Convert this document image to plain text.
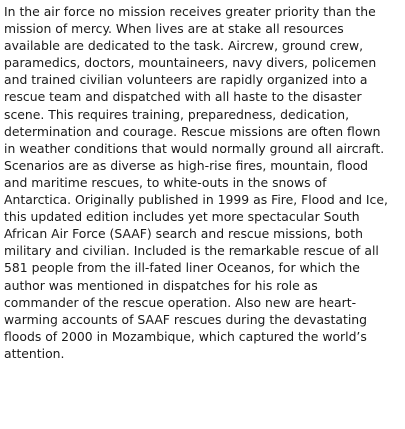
In the air force no mission receives greater priority than the
mission of mercy. When lives are at stake all resources
available are dedicated to the task. Aircrew, ground crew,
paramedics, doctors, mountaineers, navy divers, policemen
and trained civilian volunteers are rapidly organized into a
rescue team and dispatched with all haste to the disaster
scene. This requires training, preparedness, dedication,
determination and courage. Rescue missions are often flown
in weather conditions that would normally ground all aircraft.
Scenarios are as diverse as high-rise fires, mountain, flood
and maritime rescues, to white-outs in the snows of
Antarctica. Originally published in 1999 as Fire, Flood and Ice,
this updated edition includes yet more spectacular South
African Air Force (SAAF) search and rescue missions, both
military and civilian. Included is the remarkable rescue of all
581 people from the ill-fated liner Oceanos, for which the
author was mentioned in dispatches for his role as
commander of the rescue operation. Also new are heart-
warming accounts of SAAF rescues during the devastating
floods of 2000 in Mozambique, which captured the world’s
attention.
